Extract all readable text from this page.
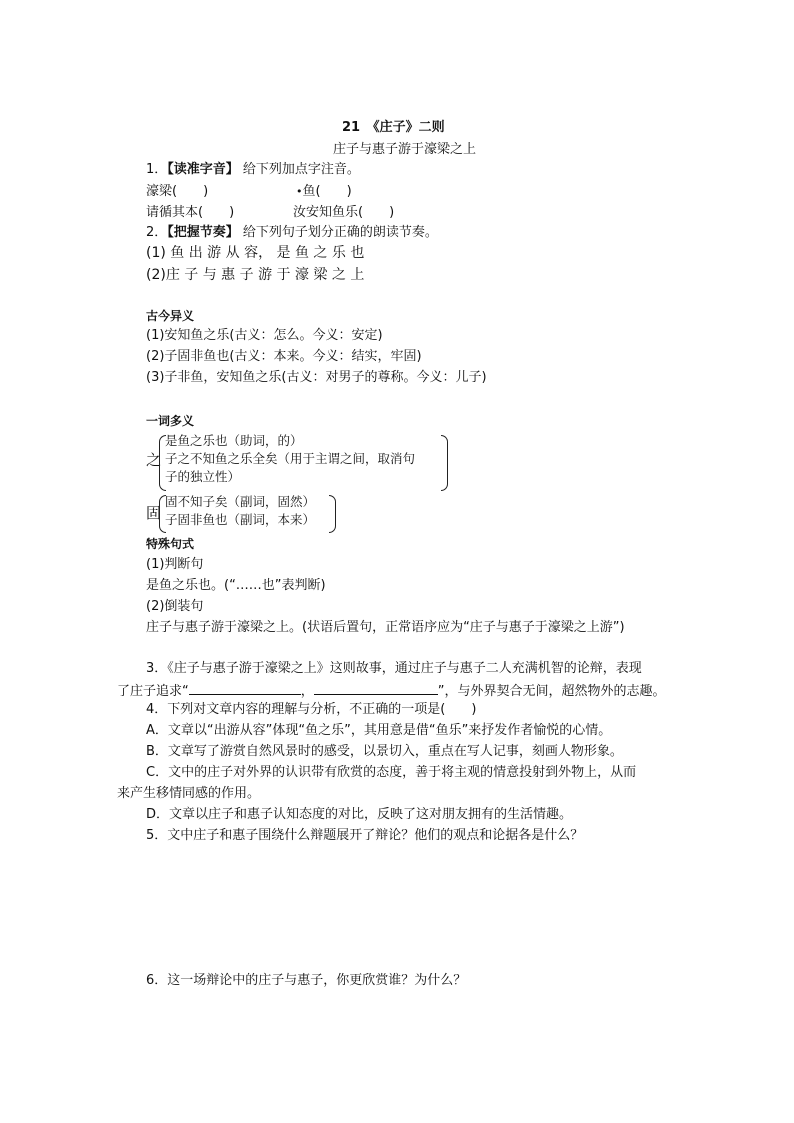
21　《庄子》二则
庄子与惠子游于濠梁之上
1．【读准字音】 给下列加点字注音。
濠梁(　　)	•鱼(　　)
请循其本(　　)	汝安知鱼乐(　　)
2．【把握节奏】 给下列句子划分正确的朗读节奏。
(1) 鱼 出 游 从 容， 是 鱼 之 乐 也
(2)庄 子 与 惠 子 游 于 濠 梁 之 上
古今异义
(1)安知鱼之乐(古义：怎么。今义：安定)
(2)子固非鱼也(古义：本来。今义：结实，牢固)
(3)子非鱼，安知鱼之乐(古义：对男子的尊称。今义：儿子)
一词多义
之
是鱼之乐也（助词，的）
子之不知鱼之乐全矣（用于主谓之间，取消句
子的独立性）
固
固不知子矣（副词，固然）
子固非鱼也（副词，本来）
特殊句式
(1)判断句
是鱼之乐也。(“……也”表判断)
(2)倒装句
庄子与惠子游于濠梁之上。(状语后置句，正常语序应为“庄子与惠子于濠梁之上游”)
3．《庄子与惠子游于濠梁之上》这则故事，通过庄子与惠子二人充满机智的论辩，表现
了庄子追求“	，	”，与外界契合无间，超然物外的志趣。
4．下列对文章内容的理解与分析，不正确的一项是(　　)
A．文章以“出游从容”体现“鱼之乐”，其用意是借“鱼乐”来抒发作者愉悦的心情。
B．文章写了游赏自然风景时的感受，以景切入，重点在写人记事，刻画人物形象。
C．文中的庄子对外界的认识带有欣赏的态度，善于将主观的情意投射到外物上，从而
来产生移情同感的作用。
D．文章以庄子和惠子认知态度的对比，反映了这对朋友拥有的生活情趣。
5．文中庄子和惠子围绕什么辩题展开了辩论？他们的观点和论据各是什么？
6．这一场辩论中的庄子与惠子，你更欣赏谁？为什么？
